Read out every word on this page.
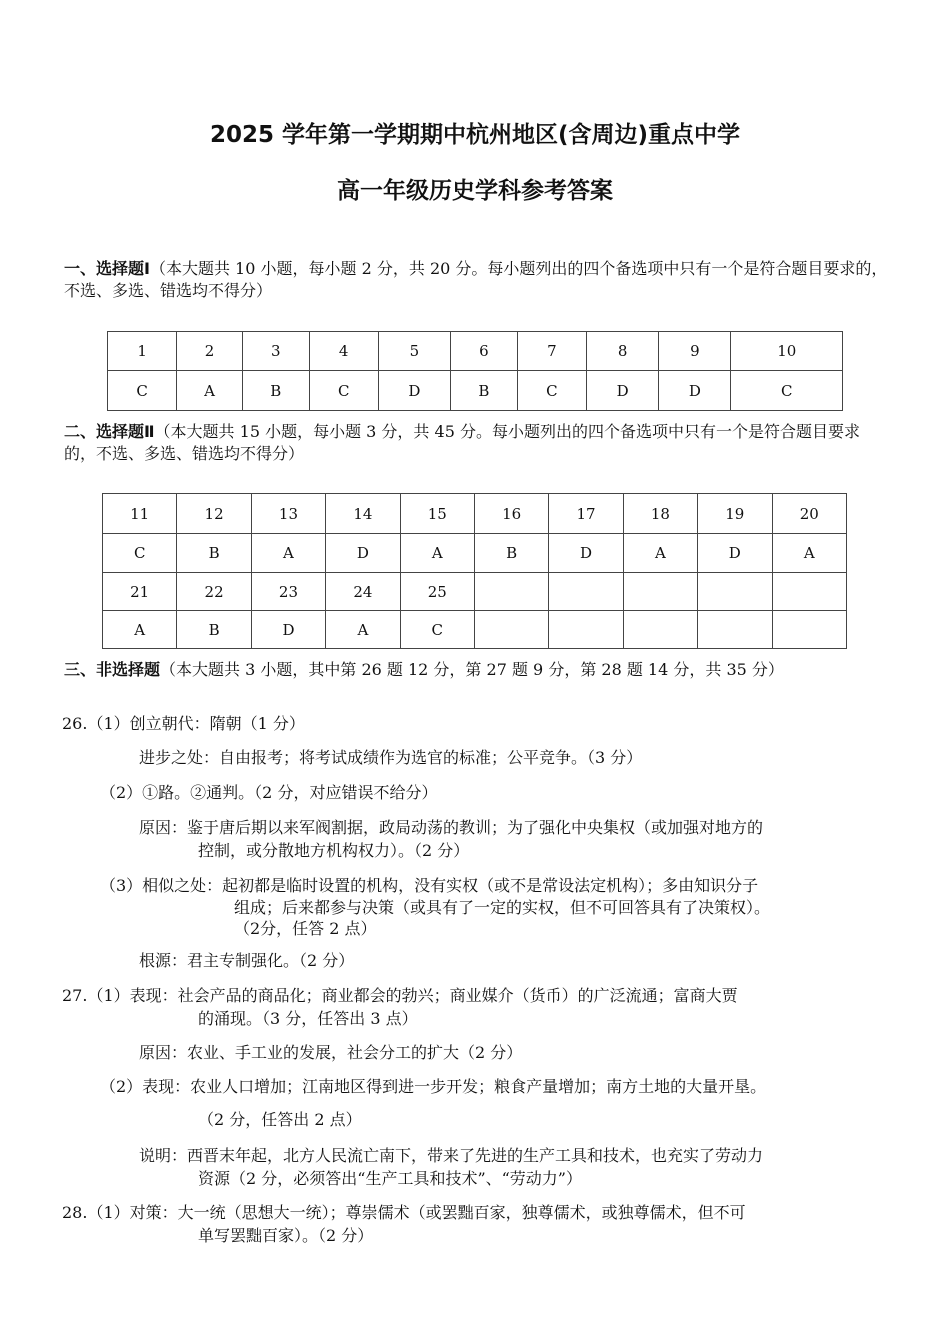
2025 学年第一学期期中杭州地区(含周边)重点中学
高一年级历史学科参考答案
一、选择题Ⅰ（本大题共 10 小题，每小题 2 分，共 20 分。每小题列出的四个备选项中只有一个是符合题目要求的，不选、多选、错选均不得分）
1	2	3	4	5	6	7	8	9	10
C	A	B	C	D	B	C	D	D	C
二、选择题Ⅱ（本大题共 15 小题，每小题 3 分，共 45 分。每小题列出的四个备选项中只有一个是符合题目要求的，不选、多选、错选均不得分）
11	12	13	14	15	16	17	18	19	20
C	B	A	D	A	B	D	A	D	A
21	22	23	24	25					
A	B	D	A	C					
三、非选择题（本大题共 3 小题，其中第 26 题 12 分，第 27 题 9 分，第 28 题 14 分，共 35 分）
26.（1）创立朝代：隋朝（1 分）
进步之处：自由报考；将考试成绩作为选官的标准；公平竞争。（3 分）
（2）①路。②通判。（2 分，对应错误不给分）
原因：鉴于唐后期以来军阀割据，政局动荡的教训；为了强化中央集权（或加强对地方的
控制，或分散地方机构权力）。（2 分）
（3）相似之处：起初都是临时设置的机构，没有实权（或不是常设法定机构）；多由知识分子
组成；后来都参与决策（或具有了一定的实权，但不可回答具有了决策权）。
（2分，任答 2 点）
根源：君主专制强化。（2 分）
27.（1）表现：社会产品的商品化；商业都会的勃兴；商业媒介（货币）的广泛流通；富商大贾
的涌现。（3 分，任答出 3 点）
原因：农业、手工业的发展，社会分工的扩大（2 分）
（2）表现：农业人口增加；江南地区得到进一步开发；粮食产量增加；南方土地的大量开垦。
（2 分，任答出 2 点）
说明：西晋末年起，北方人民流亡南下，带来了先进的生产工具和技术，也充实了劳动力
资源（2 分，必须答出“生产工具和技术”、“劳动力”）
28.（1）对策：大一统（思想大一统）；尊崇儒术（或罢黜百家，独尊儒术，或独尊儒术，但不可
单写罢黜百家）。（2 分）
